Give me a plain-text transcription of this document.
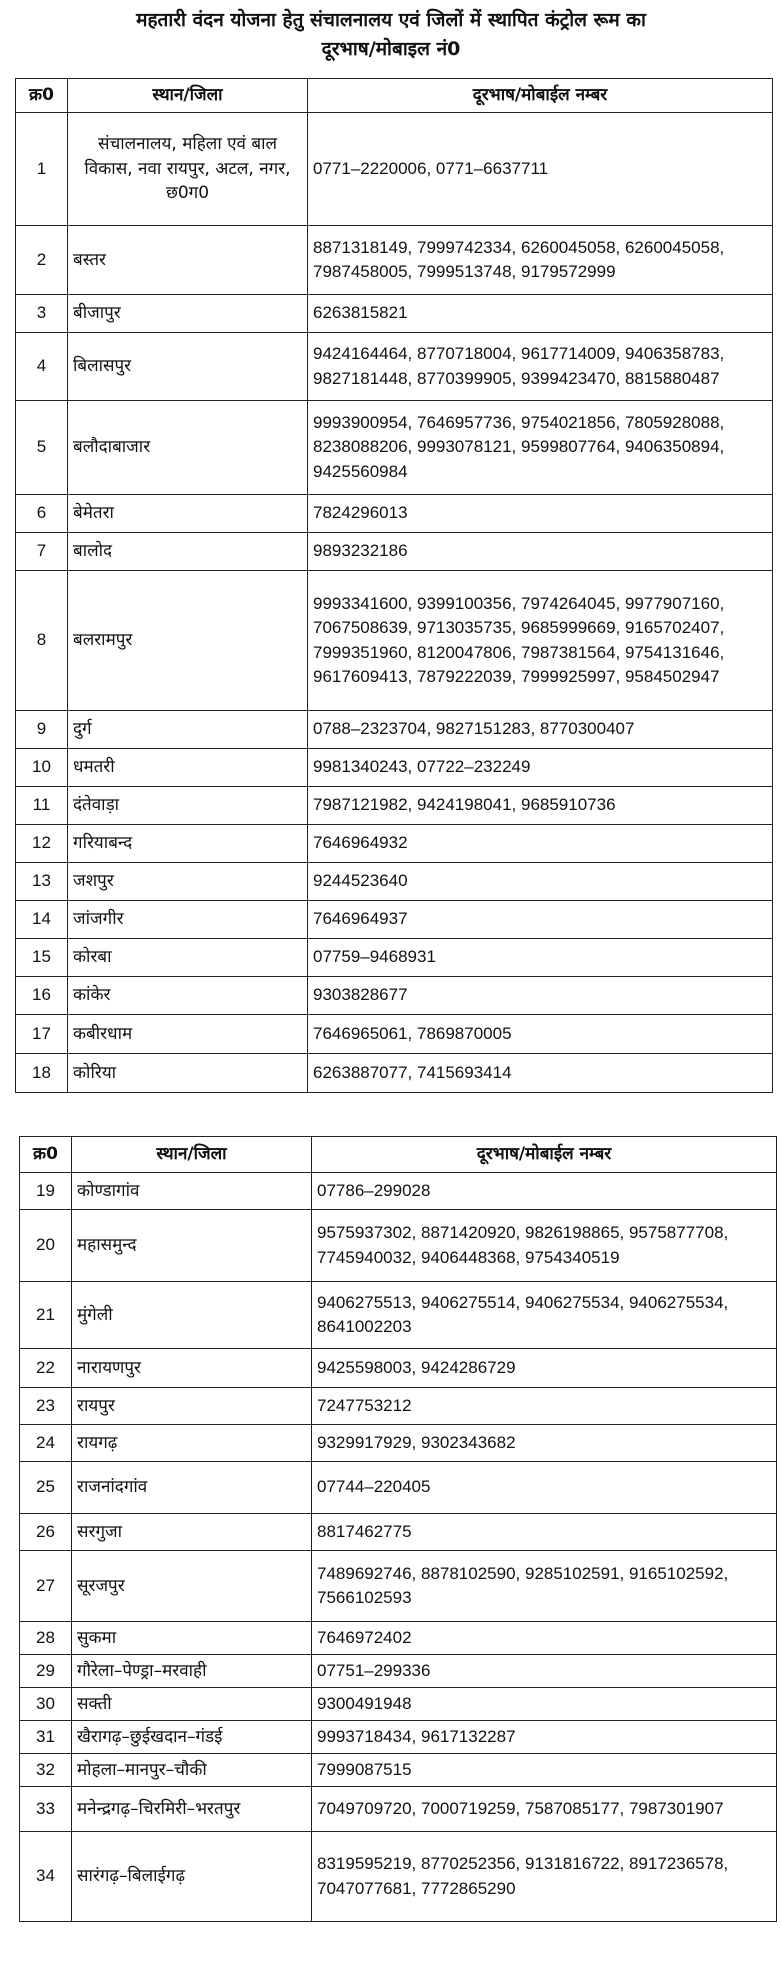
महतारी वंदन योजना हेतु संचालनालय एवं जिलों में स्थापित कंट्रोल रूम का
दूरभाष/मोबाइल नं0
क्र0	स्थान/जिला	दूरभाष/मोबाईल नम्बर
1	संचालनालय, महिला एवं बाल विकास, नवा रायपुर, अटल, नगर, छ0ग0	0771–2220006, 0771–6637711
2	बस्तर	8871318149, 7999742334, 6260045058, 6260045058, 7987458005, 7999513748, 9179572999
3	बीजापुर	6263815821
4	बिलासपुर	9424164464, 8770718004, 9617714009, 9406358783, 9827181448, 8770399905, 9399423470, 8815880487
5	बलौदाबाजार	9993900954, 7646957736, 9754021856, 7805928088, 8238088206, 9993078121, 9599807764, 9406350894, 9425560984
6	बेमेतरा	7824296013
7	बालोद	9893232186
8	बलरामपुर	9993341600, 9399100356, 7974264045, 9977907160, 7067508639, 9713035735, 9685999669, 9165702407, 7999351960, 8120047806, 7987381564, 9754131646, 9617609413, 7879222039, 7999925997, 9584502947
9	दुर्ग	0788–2323704, 9827151283, 8770300407
10	धमतरी	9981340243, 07722–232249
11	दंतेवाड़ा	7987121982, 9424198041, 9685910736
12	गरियाबन्द	7646964932
13	जशपुर	9244523640
14	जांजगीर	7646964937
15	कोरबा	07759–9468931
16	कांकेर	9303828677
17	कबीरधाम	7646965061, 7869870005
18	कोरिया	6263887077, 7415693414
क्र0	स्थान/जिला	दूरभाष/मोबाईल नम्बर
19	कोण्डागांव	07786–299028
20	महासमुन्द	9575937302, 8871420920, 9826198865, 9575877708, 7745940032, 9406448368, 9754340519
21	मुंगेली	9406275513, 9406275514, 9406275534, 9406275534, 8641002203
22	नारायणपुर	9425598003, 9424286729
23	रायपुर	7247753212
24	रायगढ़	9329917929, 9302343682
25	राजनांदगांव	07744–220405
26	सरगुजा	8817462775
27	सूरजपुर	7489692746, 8878102590, 9285102591, 9165102592, 7566102593
28	सुकमा	7646972402
29	गौरेला–पेण्ड्रा–मरवाही	07751–299336
30	सक्ती	9300491948
31	खैरागढ़–छुईखदान–गंडई	9993718434, 9617132287
32	मोहला–मानपुर–चौकी	7999087515
33	मनेन्द्रगढ़–चिरमिरी–भरतपुर	7049709720, 7000719259, 7587085177, 7987301907
34	सारंगढ़–बिलाईगढ़	8319595219, 8770252356, 9131816722, 8917236578, 7047077681, 7772865290
